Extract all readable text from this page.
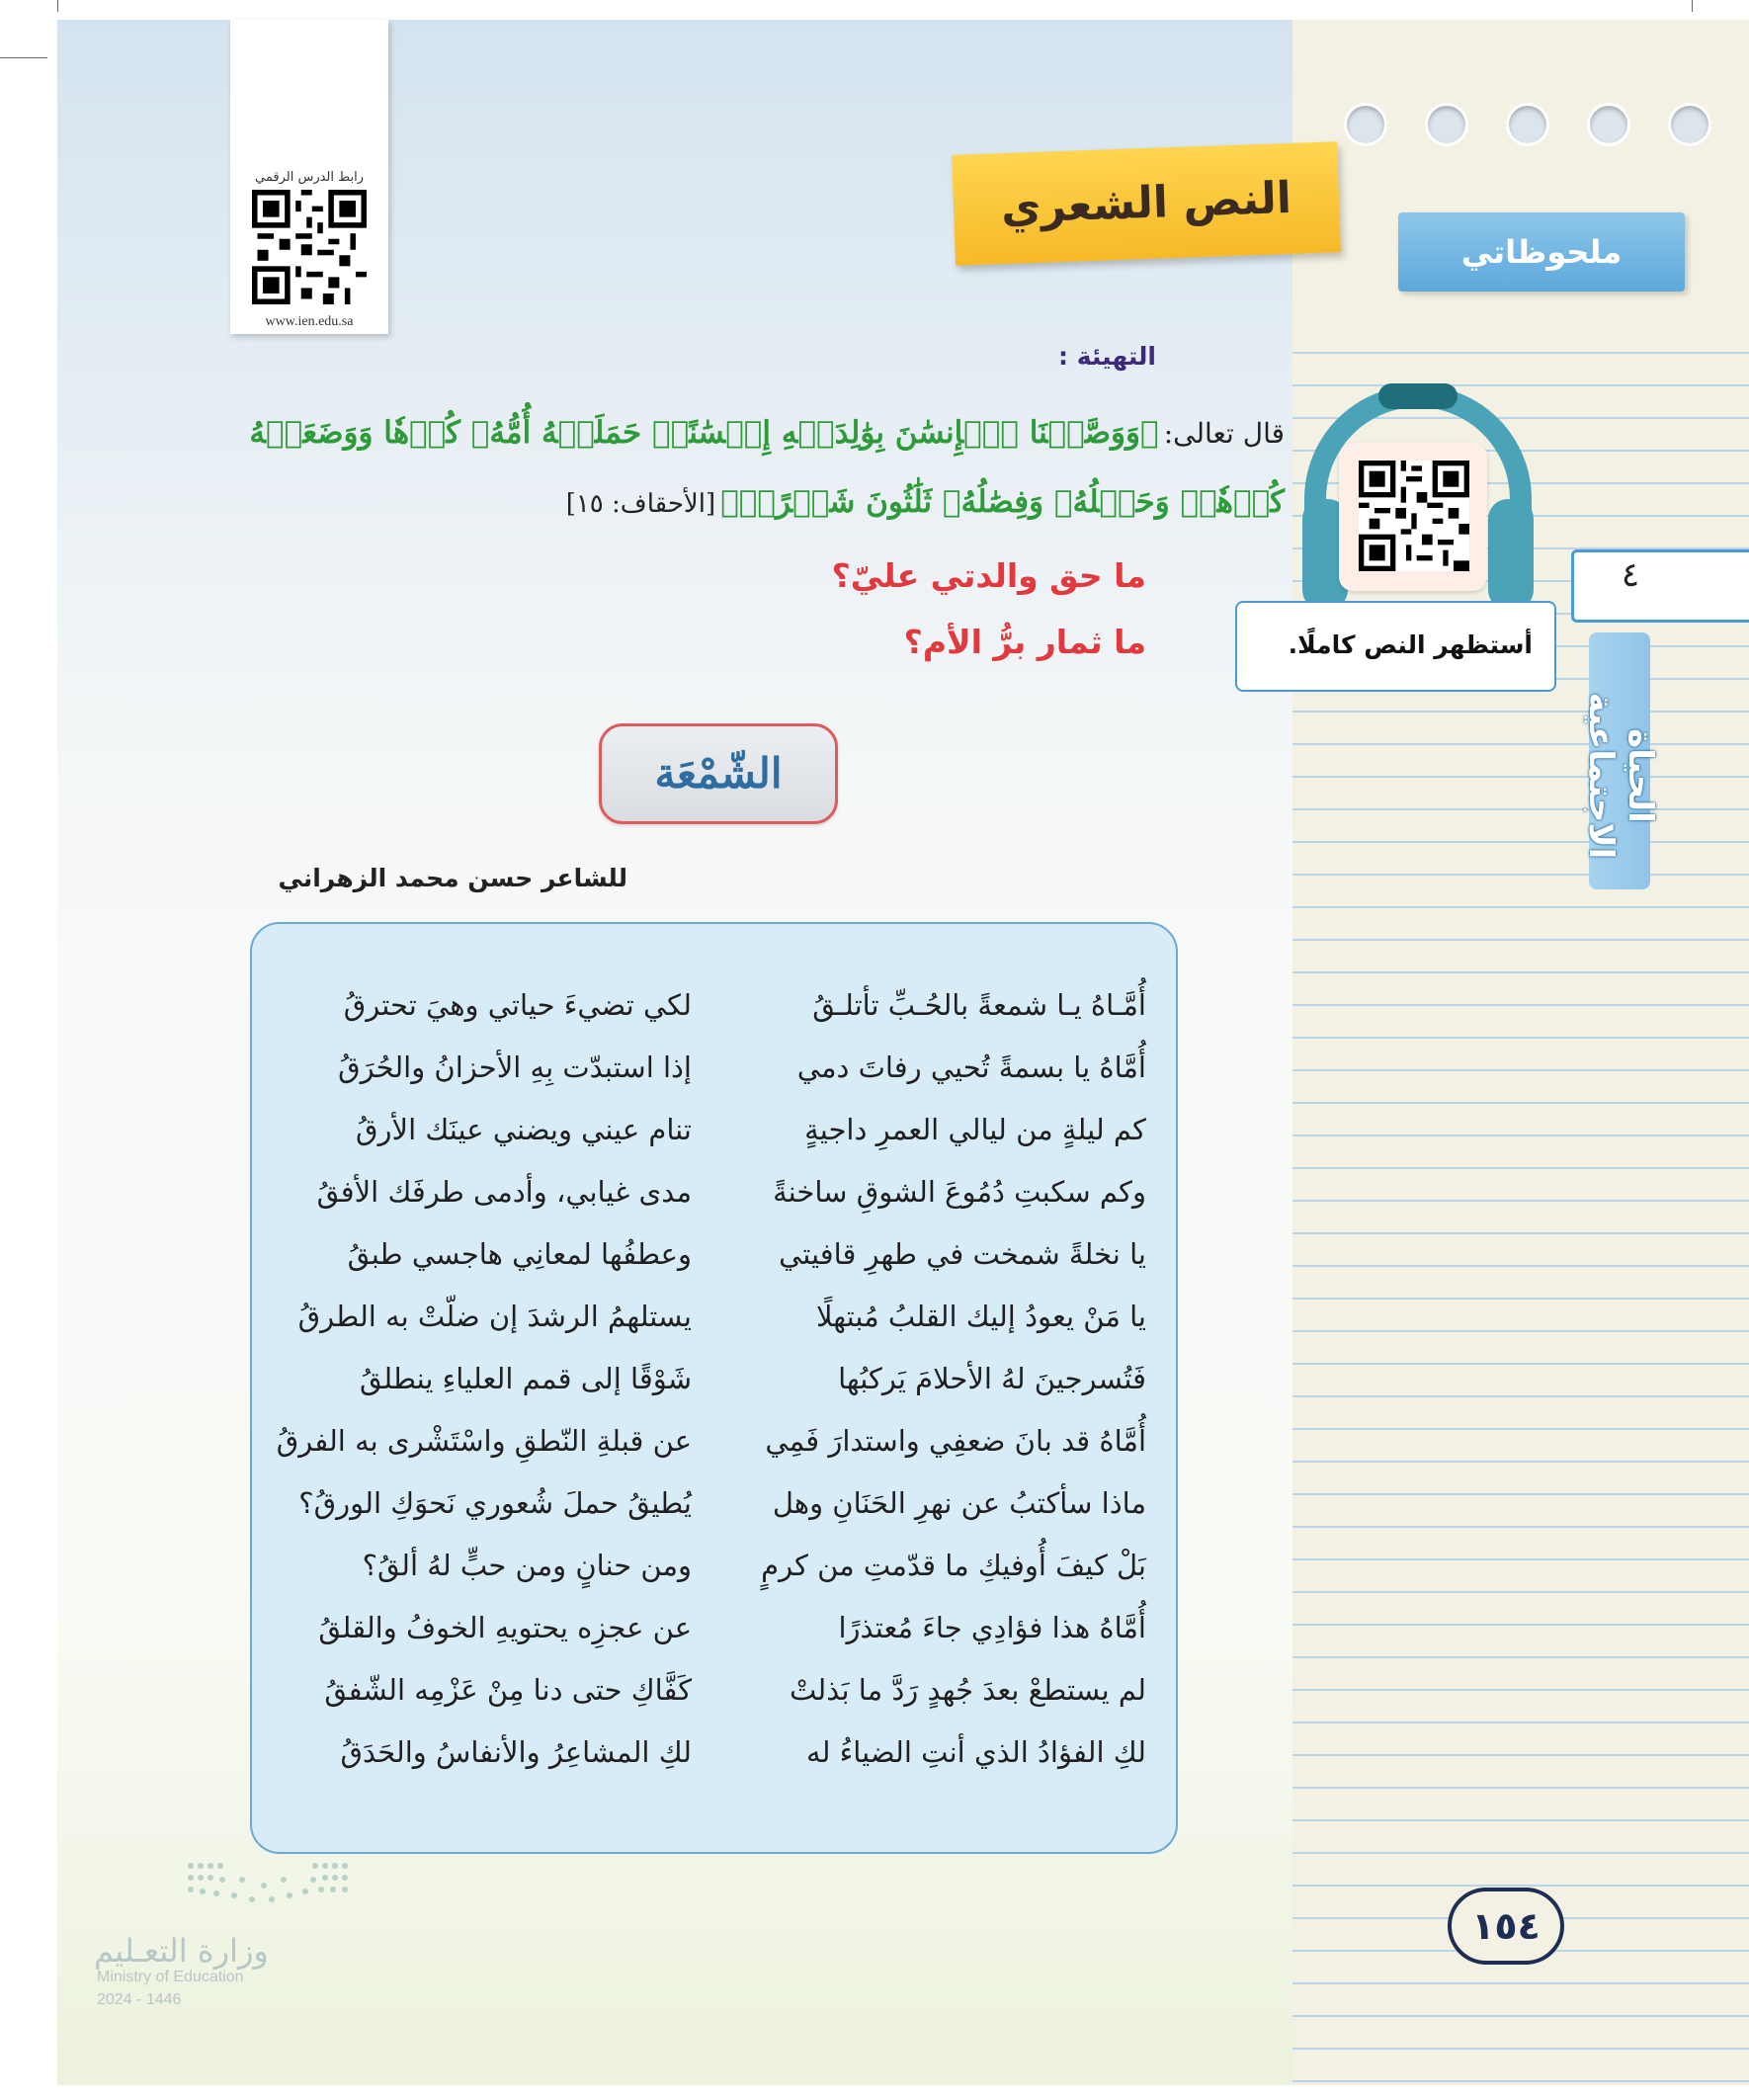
ملحوظاتي
٤
أستظهر النص كاملًا.
الحياة الاجتماعية
رابط الدرس الرقمي
www.ien.edu.sa
النص الشعري
التهيئة :
قال تعالى: ﴿وَوَصَّيۡنَا ٱلۡإِنسَٰنَ بِوَٰلِدَيۡهِ إِحۡسَٰنًاۖ حَمَلَتۡهُ أُمُّهُۥ كُرۡهٗا وَوَضَعَتۡهُ
كُرۡهٗاۖ وَحَمۡلُهُۥ وَفِصَٰلُهُۥ ثَلَٰثُونَ شَهۡرًاۚ﴾ [الأحقاف: ١٥]
ما حق والدتي عليّ؟
ما ثمار برُّ الأم؟
الشّمْعَة
للشاعر حسن محمد الزهراني
أُمَّـاهُ يـا شمعةً بالحُـبِّ تأتلـقُ
لكي تضيءَ حياتي وهيَ تحترقُ
أُمَّاهُ يا بسمةً تُحيي رفاتَ دمي
إذا استبدّت بِهِ الأحزانُ والحُرَقُ
كم ليلةٍ من ليالي العمرِ داجيةٍ
تنام عيني ويضني عينَك الأرقُ
وكم سكبتِ دُمُوعَ الشوقِ ساخنةً
مدى غيابي، وأدمى طرفَك الأفقُ
يا نخلةً شمخت في طهرِ قافيتي
وعطفُها لمعانِي هاجسي طبقُ
يا مَنْ يعودُ إليك القلبُ مُبتهلًا
يستلهمُ الرشدَ إن ضلّتْ به الطرقُ
فَتُسرجينَ لهُ الأحلامَ يَركبُها
شَوْقًا إلى قمم العلياءِ ينطلقُ
أُمَّاهُ قد بانَ ضعفِي واستدارَ فَمِي
عن قبلةِ النّطقِ واسْتَشْرى به الفرقُ
ماذا سأكتبُ عن نهرِ الحَنَانِ وهل
يُطيقُ حملَ شُعوري نَحوَكِ الورقُ؟
بَلْ كيفَ أُوفيكِ ما قدّمتِ من كرمٍ
ومن حنانٍ ومن حبٍّ لهُ ألقُ؟
أُمَّاهُ هذا فؤادِي جاءَ مُعتذرًا
عن عجزِه يحتويهِ الخوفُ والقلقُ
لم يستطعْ بعدَ جُهدٍ رَدَّ ما بَذلتْ
كَفَّاكِ حتى دنا مِنْ عَزْمِه الشّفقُ
لكِ الفؤادُ الذي أنتِ الضياءُ له
لكِ المشاعِرُ والأنفاسُ والحَدَقُ
وزارة التعـليم
Ministry of Education
2024 - 1446
١٥٤
